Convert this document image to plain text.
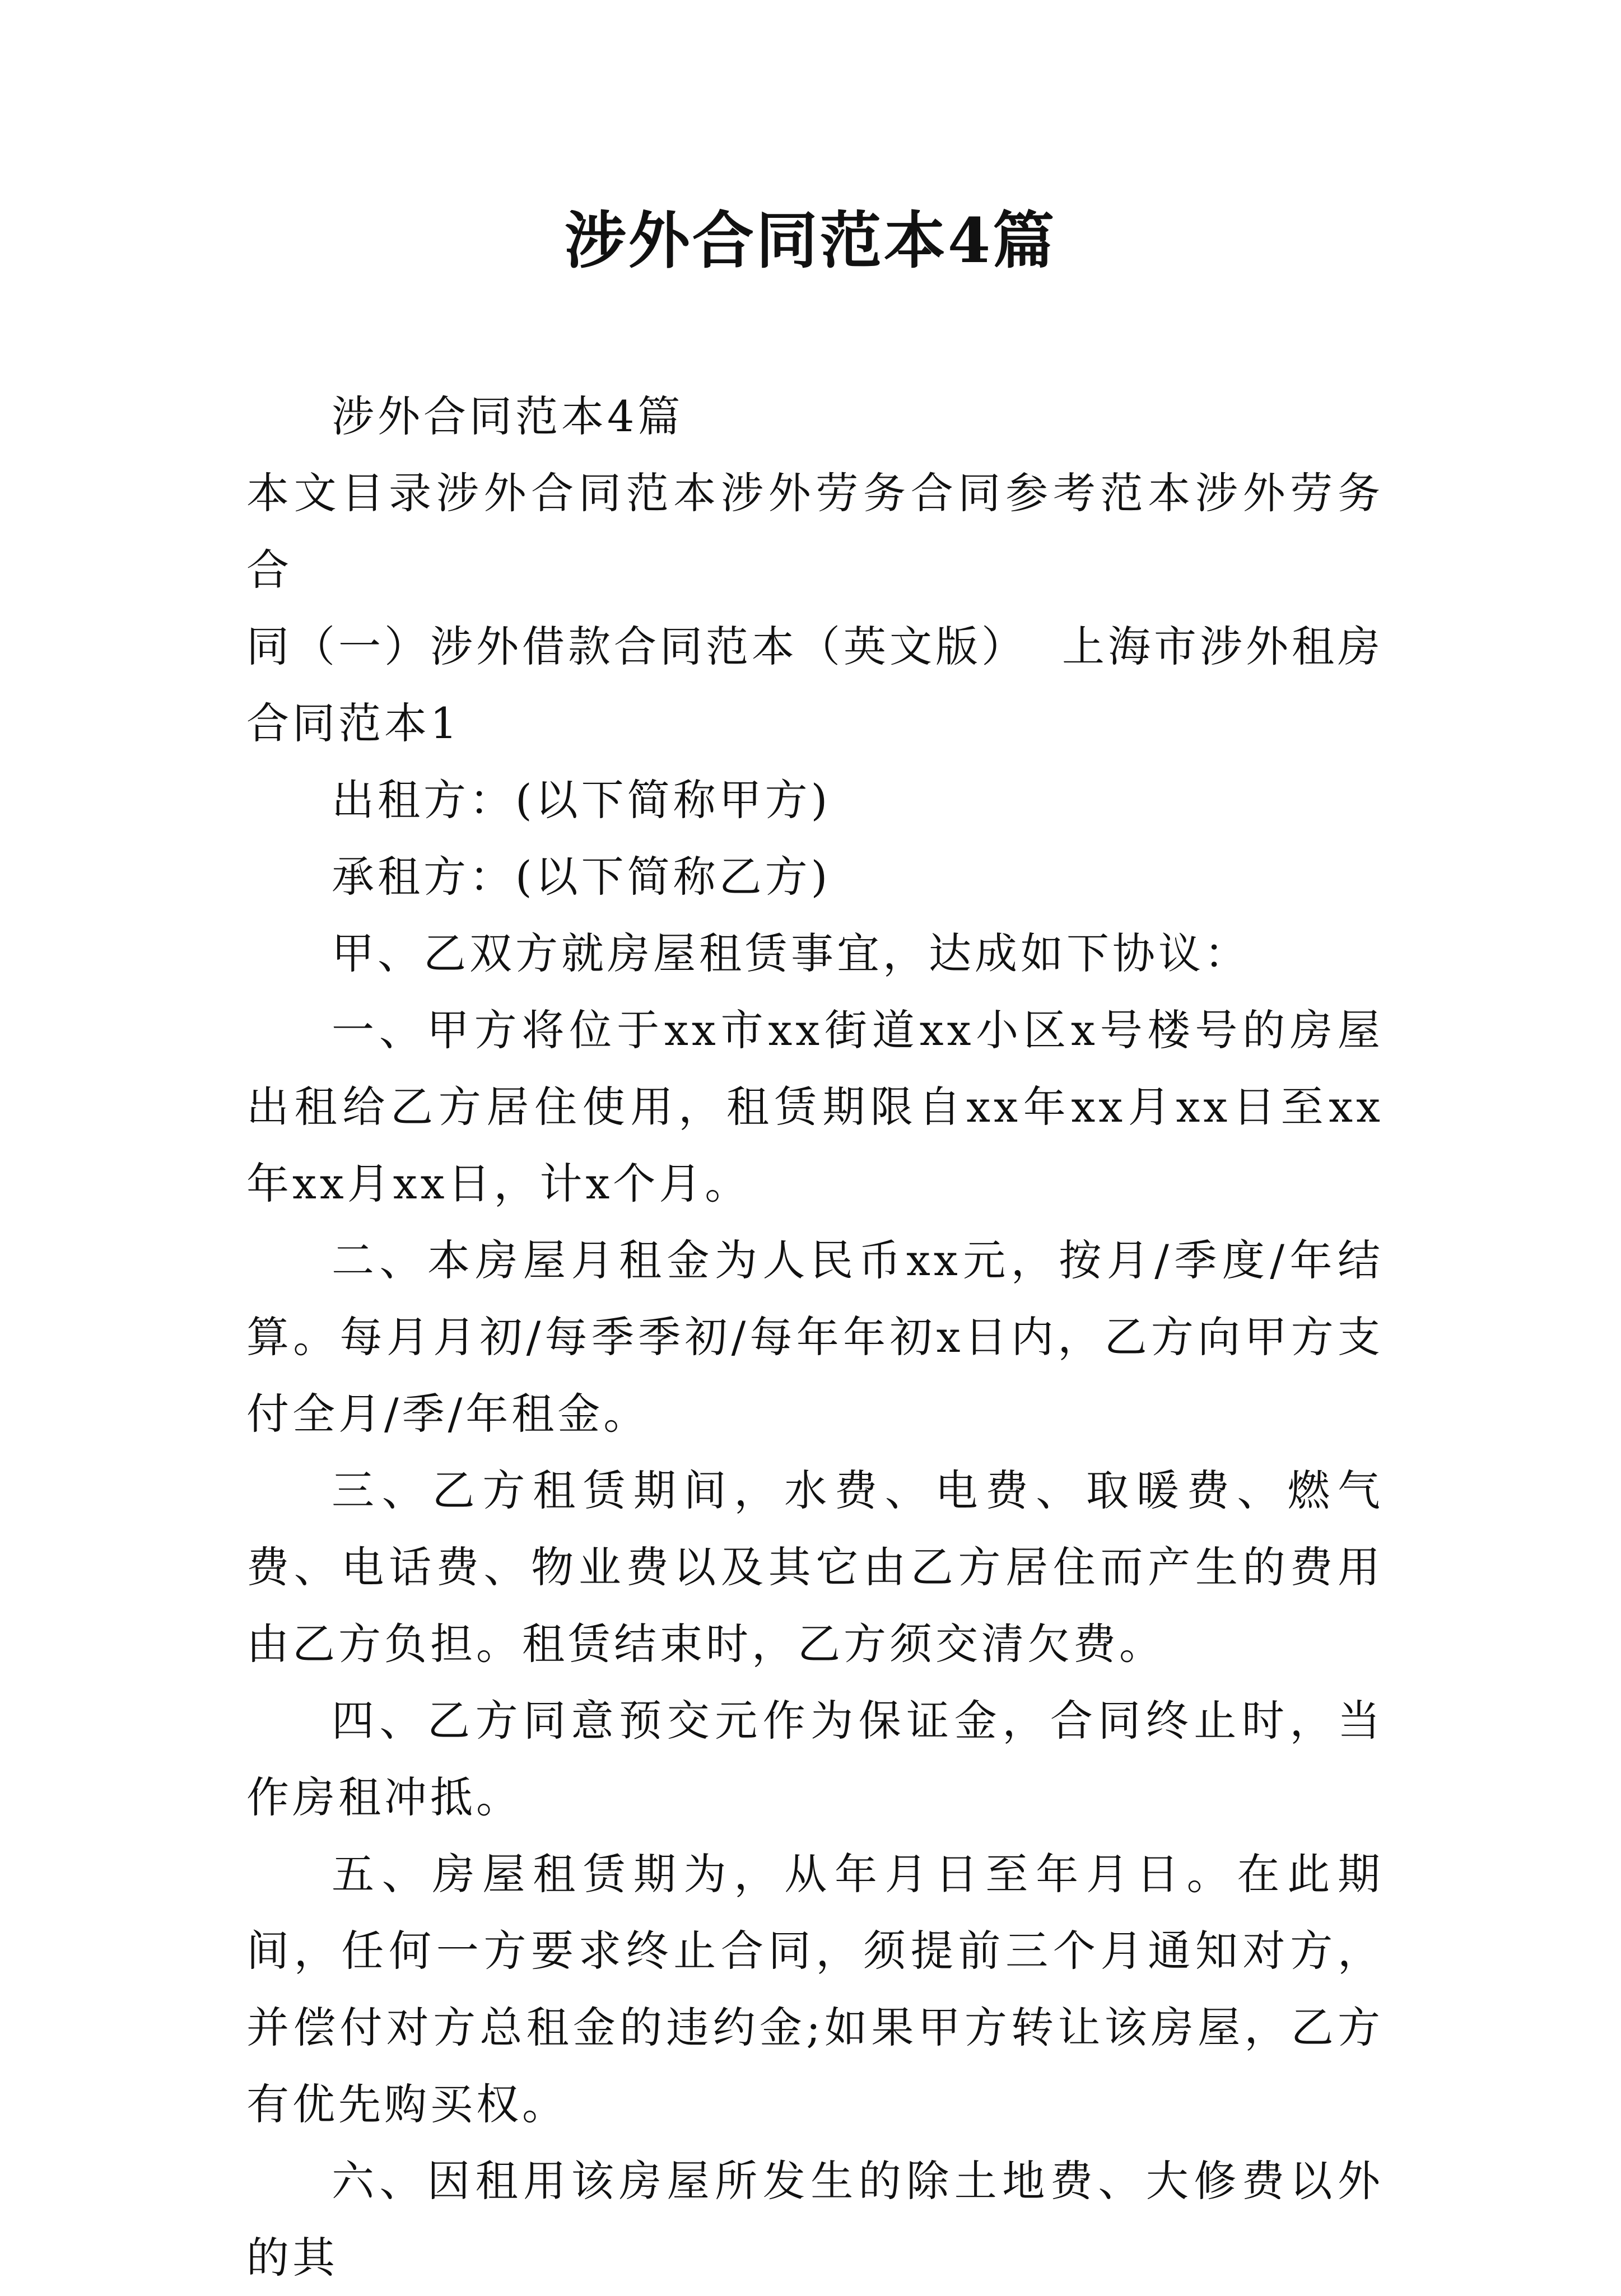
涉外合同范本4篇

涉外合同范本4篇

本文目录涉外合同范本涉外劳务合同参考范本涉外劳务合

同（一）涉外借款合同范本（英文版） 上海市涉外租房

合同范本1

出租方：(以下简称甲方)

承租方：(以下简称乙方)

甲、乙双方就房屋租赁事宜，达成如下协议：

一、甲方将位于xx市xx街道xx小区x号楼号的房屋出租给乙方居住使用，租赁期限自xx年xx月xx日至xx年xx月xx日，计x个月。

二、本房屋月租金为人民币xx元，按月/季度/年结算。每月月初/每季季初/每年年初x日内，乙方向甲方支付全月/季/年租金。

三、乙方租赁期间，水费、电费、取暖费、燃气费、电话费、物业费以及其它由乙方居住而产生的费用由乙方负担。租赁结束时，乙方须交清欠费。

四、乙方同意预交元作为保证金，合同终止时，当作房租冲抵。

五、房屋租赁期为，从年月日至年月日。在此期间，任何一方要求终止合同，须提前三个月通知对方，并偿付对方总租金的违约金;如果甲方转让该房屋，乙方有优先购买权。

六、因租用该房屋所发生的除土地费、大修费以外的其
